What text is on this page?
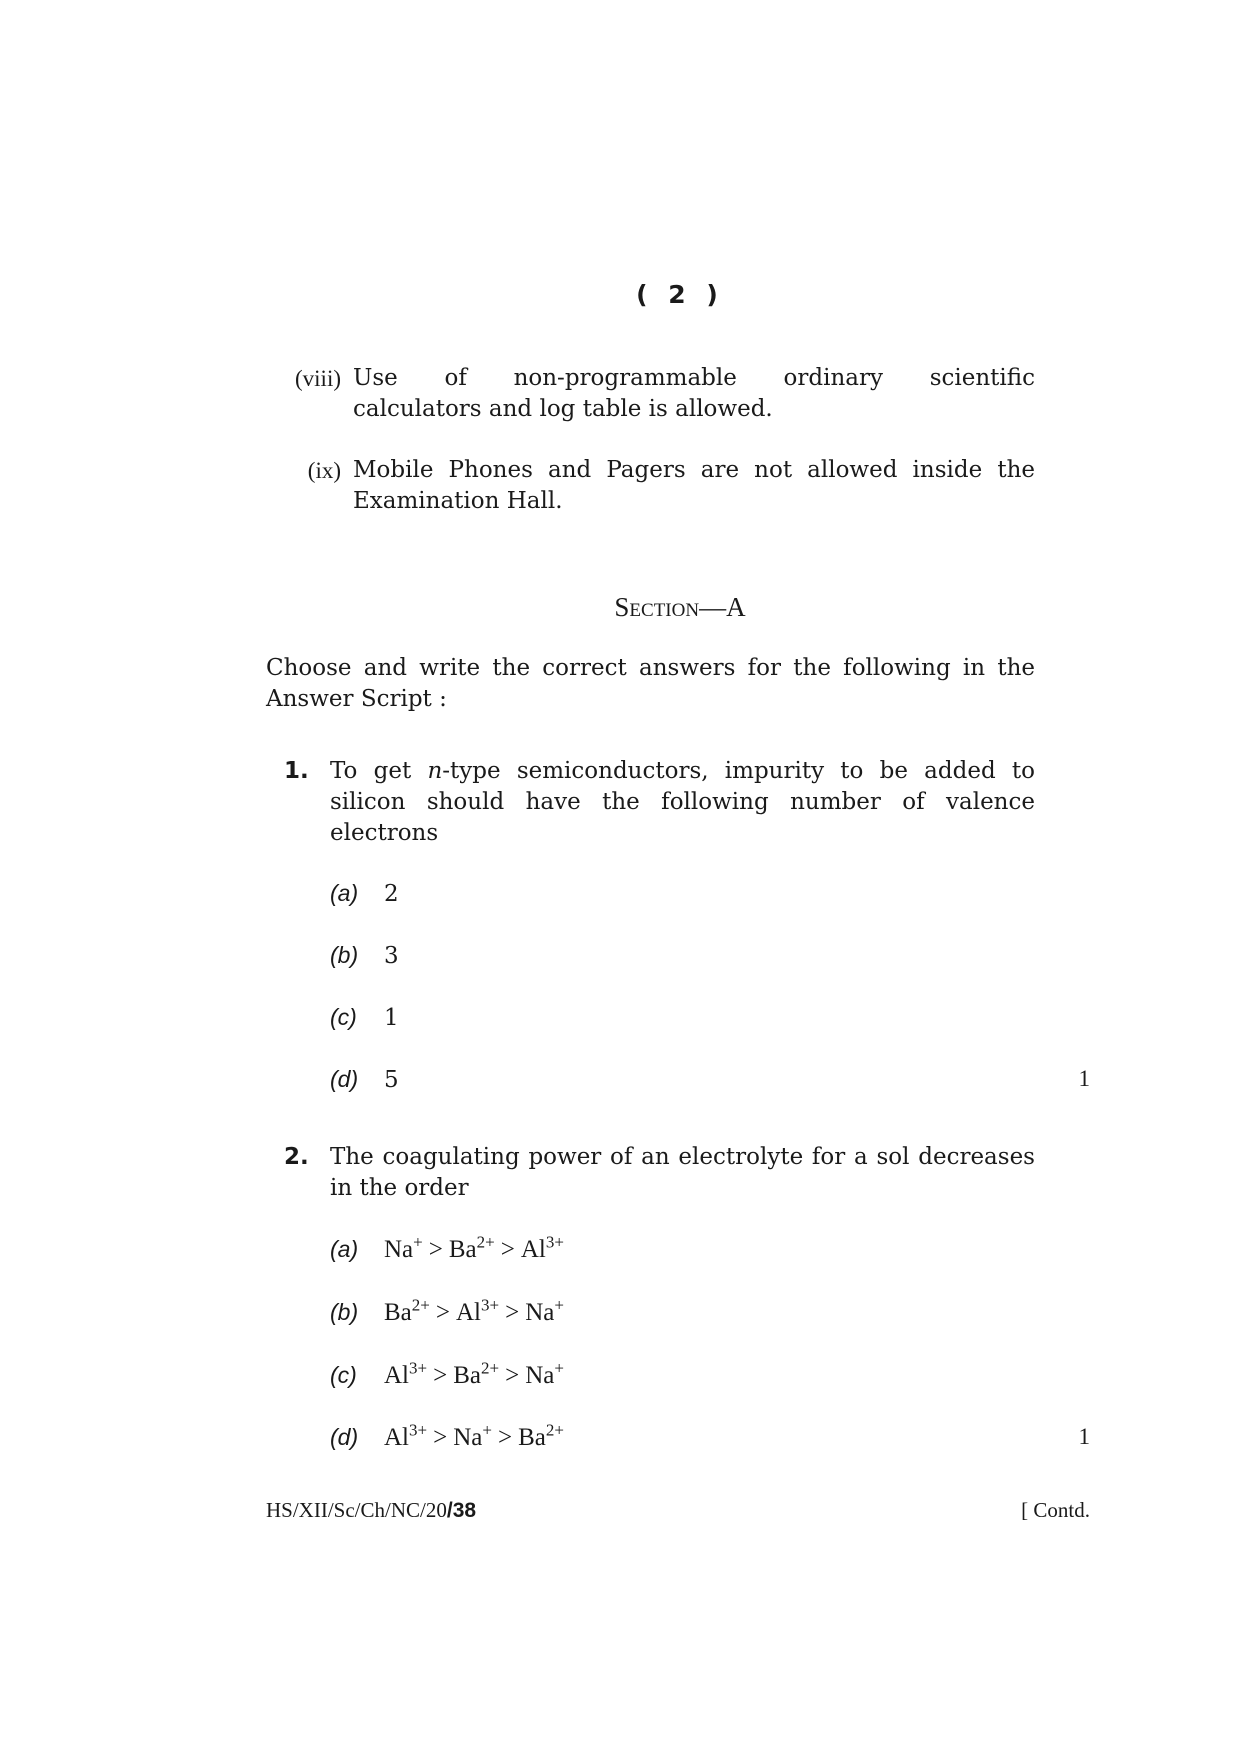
( 2 )
(viii) Use of non-programmable ordinary scientific
calculators and log table is allowed.
(ix) Mobile Phones and Pagers are not allowed inside the
Examination Hall.
Section—A
Choose and write the correct answers for the following in the Answer Script :
1. To get n-type semiconductors, impurity to be added to silicon should have the following number of valence electrons
(a) 2
(b) 3
(c) 1
(d) 5	1
2. The coagulating power of an electrolyte for a sol decreases in the order
(a) $Na^+ > Ba^{2+} > Al^{3+}$
(b) $Ba^{2+} > Al^{3+} > Na^+$
(c) $Al^{3+} > Ba^{2+} > Na^+$
(d) $Al^{3+} > Na^+ > Ba^{2+}$	1
HS/XII/Sc/Ch/NC/20/38	[ Contd.
